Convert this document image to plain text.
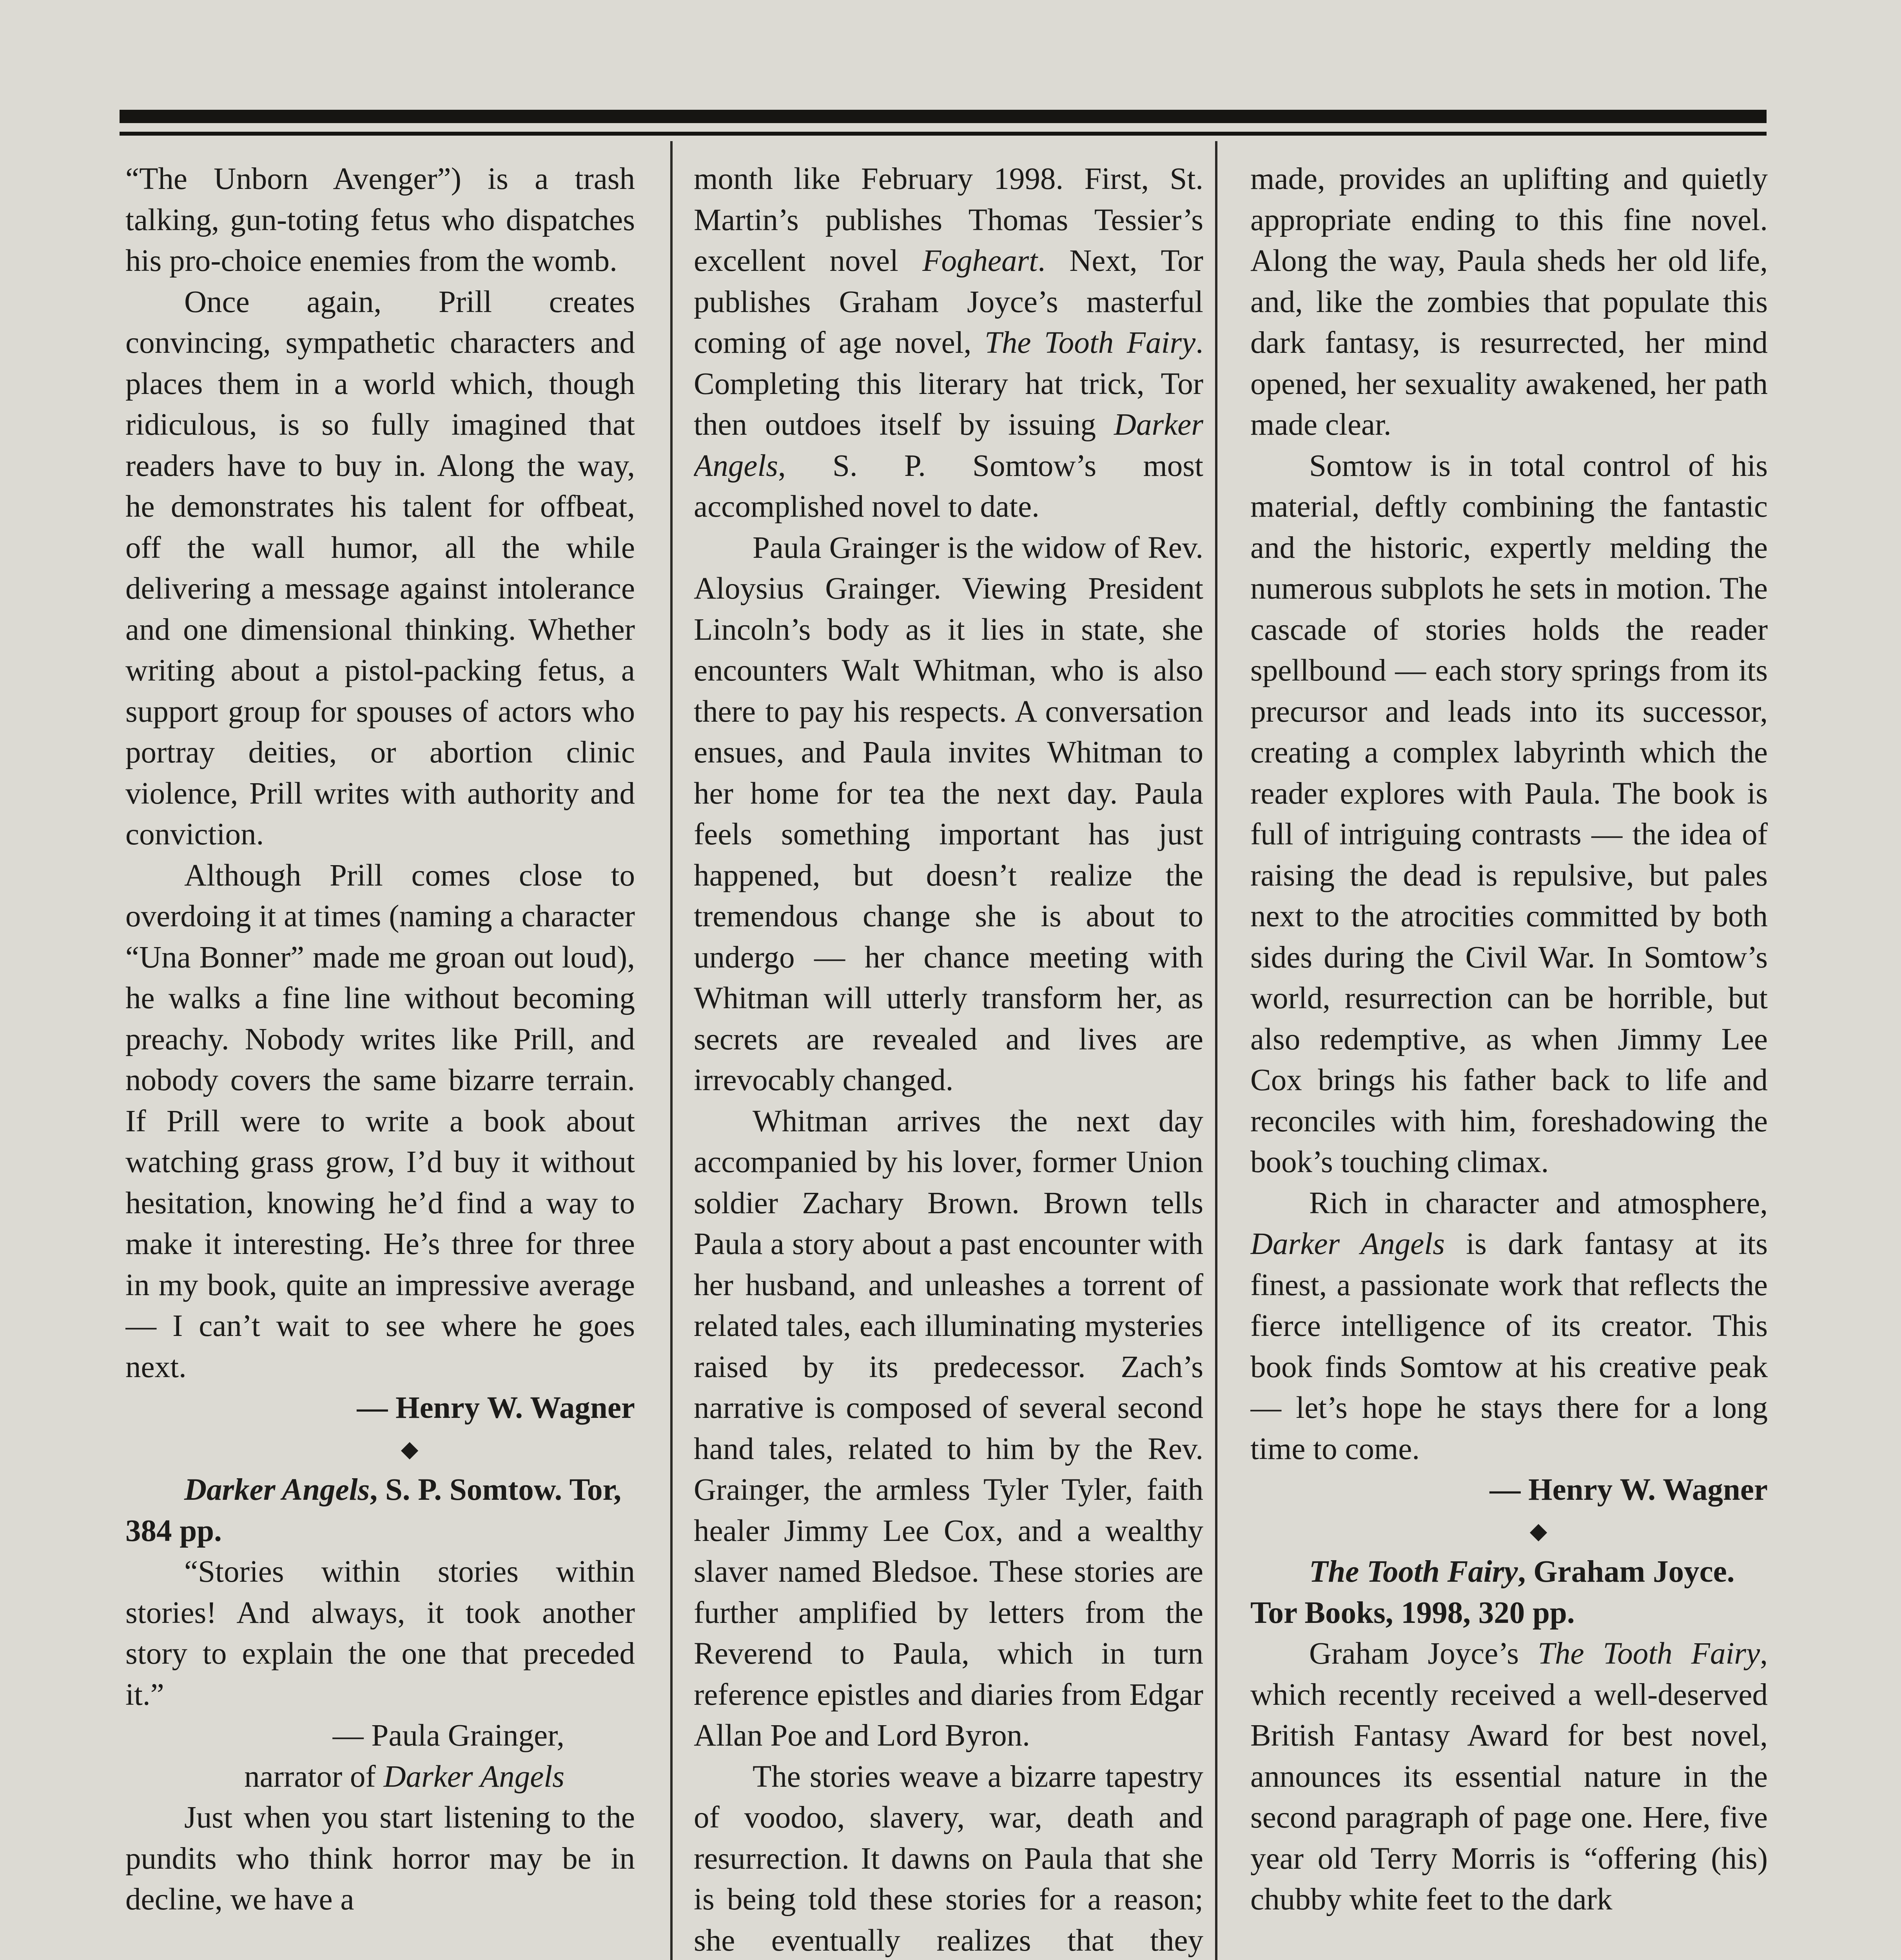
“The Unborn Avenger”) is a trash talking, gun-toting fetus who dispatches his pro-choice enemies from the womb.

Once again, Prill creates convincing, sympathetic characters and places them in a world which, though ridiculous, is so fully imagined that readers have to buy in. Along the way, he demonstrates his talent for offbeat, off the wall humor, all the while delivering a message against intolerance and one dimensional thinking. Whether writing about a pistol-packing fetus, a support group for spouses of actors who portray deities, or abortion clinic violence, Prill writes with authority and conviction.

Although Prill comes close to overdoing it at times (naming a character “Una Bonner” made me groan out loud), he walks a fine line without becoming preachy. Nobody writes like Prill, and nobody covers the same bizarre terrain. If Prill were to write a book about watching grass grow, I’d buy it without hesitation, knowing he’d find a way to make it interesting. He’s three for three in my book, quite an impressive average — I can’t wait to see where he goes next.

— Henry W. Wagner

◆

Darker Angels, S. P. Somtow. Tor, 384 pp.

“Stories within stories within stories! And always, it took another story to explain the one that preceded it.”

— Paula Grainger,

narrator of Darker Angels

Just when you start listening to the pundits who think horror may be in decline, we have a

month like February 1998. First, St. Martin’s publishes Thomas Tessier’s excellent novel Fogheart. Next, Tor publishes Graham Joyce’s masterful coming of age novel, The Tooth Fairy. Completing this literary hat trick, Tor then outdoes itself by issuing Darker Angels, S. P. Somtow’s most accomplished novel to date.

Paula Grainger is the widow of Rev. Aloysius Grainger. Viewing President Lincoln’s body as it lies in state, she encounters Walt Whitman, who is also there to pay his respects. A conversation ensues, and Paula invites Whitman to her home for tea the next day. Paula feels something important has just happened, but doesn’t realize the tremendous change she is about to undergo — her chance meeting with Whitman will utterly transform her, as secrets are revealed and lives are irrevocably changed.

Whitman arrives the next day accompanied by his lover, former Union soldier Zachary Brown. Brown tells Paula a story about a past encounter with her husband, and unleashes a torrent of related tales, each illuminating mysteries raised by its predecessor. Zach’s narrative is composed of several second hand tales, related to him by the Rev. Grainger, the armless Tyler Tyler, faith healer Jimmy Lee Cox, and a wealthy slaver named Bledsoe. These stories are further amplified by letters from the Reverend to Paula, which in turn reference epistles and diaries from Edgar Allan Poe and Lord Byron.

The stories weave a bizarre tapestry of voodoo, slavery, war, death and resurrection. It dawns on Paula that she is being told these stories for a reason; she eventually realizes that they

made, provides an uplifting and quietly appropriate ending to this fine novel. Along the way, Paula sheds her old life, and, like the zombies that populate this dark fantasy, is resurrected, her mind opened, her sexuality awakened, her path made clear.

Somtow is in total control of his material, deftly combining the fantastic and the historic, expertly melding the numerous subplots he sets in motion. The cascade of stories holds the reader spellbound — each story springs from its precursor and leads into its successor, creating a complex labyrinth which the reader explores with Paula. The book is full of intriguing contrasts — the idea of raising the dead is repulsive, but pales next to the atrocities committed by both sides during the Civil War. In Somtow’s world, resurrection can be horrible, but also redemptive, as when Jimmy Lee Cox brings his father back to life and reconciles with him, foreshadowing the book’s touching climax.

Rich in character and atmosphere, Darker Angels is dark fantasy at its finest, a passionate work that reflects the fierce intelligence of its creator. This book finds Somtow at his creative peak — let’s hope he stays there for a long time to come.

— Henry W. Wagner

◆

The Tooth Fairy, Graham Joyce. Tor Books, 1998, 320 pp.

Graham Joyce’s The Tooth Fairy, which recently received a well-deserved British Fantasy Award for best novel, announces its essential nature in the second paragraph of page one. Here, five year old Terry Morris is “offering (his) chubby white feet to the dark
